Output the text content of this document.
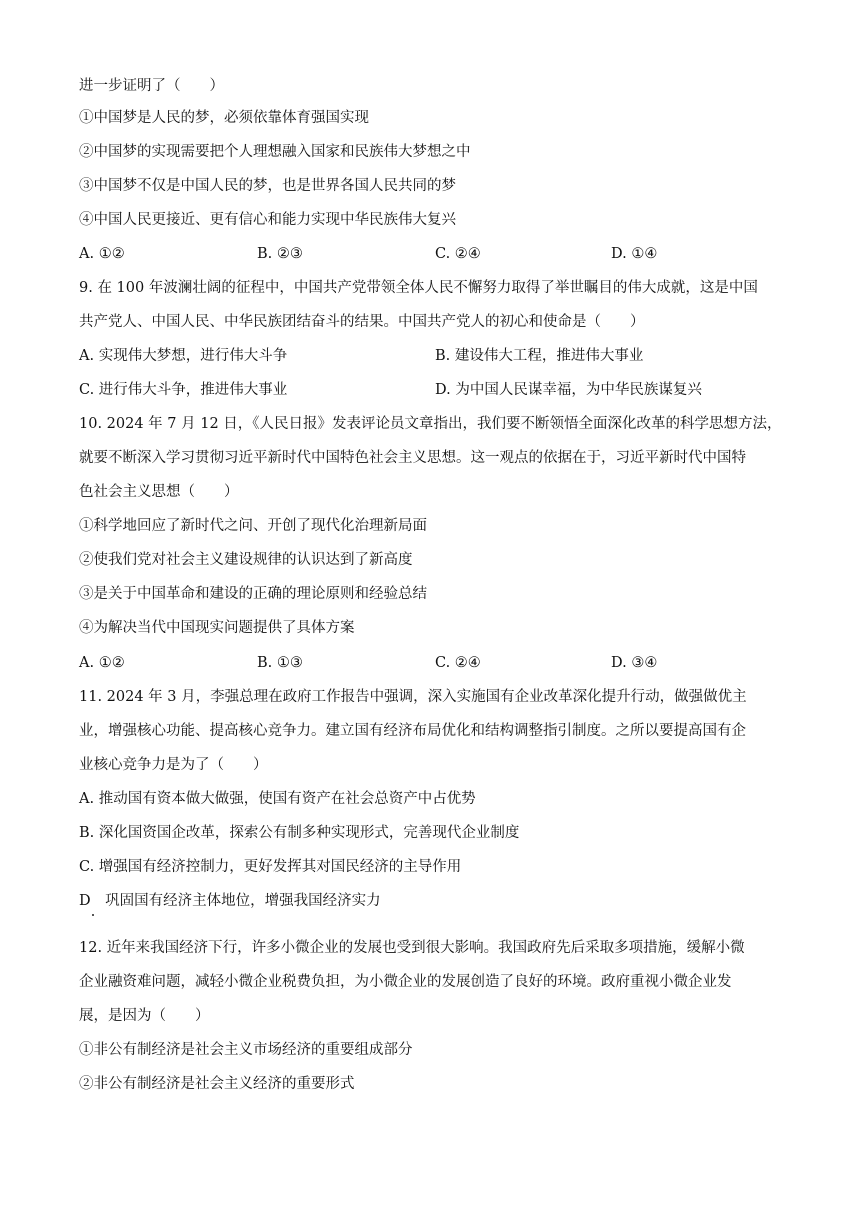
进一步证明了（　　）
①中国梦是人民的梦，必须依靠体育强国实现
②中国梦的实现需要把个人理想融入国家和民族伟大梦想之中
③中国梦不仅是中国人民的梦，也是世界各国人民共同的梦
④中国人民更接近、更有信心和能力实现中华民族伟大复兴
A. ①②	B. ②③	C. ②④	D. ①④
9. 在 100 年波澜壮阔的征程中，中国共产党带领全体人民不懈努力取得了举世瞩目的伟大成就，这是中国
共产党人、中国人民、中华民族团结奋斗的结果。中国共产党人的初心和使命是（　　）
A. 实现伟大梦想，进行伟大斗争	B. 建设伟大工程，推进伟大事业
C. 进行伟大斗争，推进伟大事业	D. 为中国人民谋幸福，为中华民族谋复兴
10. 2024 年 7 月 12 日，《人民日报》发表评论员文章指出，我们要不断领悟全面深化改革的科学思想方法，
就要不断深入学习贯彻习近平新时代中国特色社会主义思想。这一观点的依据在于，习近平新时代中国特
色社会主义思想（　　）
①科学地回应了新时代之问、开创了现代化治理新局面
②使我们党对社会主义建设规律的认识达到了新高度
③是关于中国革命和建设的正确的理论原则和经验总结
④为解决当代中国现实问题提供了具体方案
A. ①②	B. ①③	C. ②④	D. ③④
11. 2024 年 3 月，李强总理在政府工作报告中强调，深入实施国有企业改革深化提升行动，做强做优主
业，增强核心功能、提高核心竞争力。建立国有经济布局优化和结构调整指引制度。之所以要提高国有企
业核心竞争力是为了（　　）
A. 推动国有资本做大做强，使国有资产在社会总资产中占优势
B. 深化国资国企改革，探索公有制多种实现形式，完善现代企业制度
C. 增强国有经济控制力，更好发挥其对国民经济的主导作用
D　巩固国有经济主体地位，增强我国经济实力
12. 近年来我国经济下行，许多小微企业的发展也受到很大影响。我国政府先后采取多项措施，缓解小微
企业融资难问题，减轻小微企业税费负担，为小微企业的发展创造了良好的环境。政府重视小微企业发
展，是因为（　　）
①非公有制经济是社会主义市场经济的重要组成部分
②非公有制经济是社会主义经济的重要形式
